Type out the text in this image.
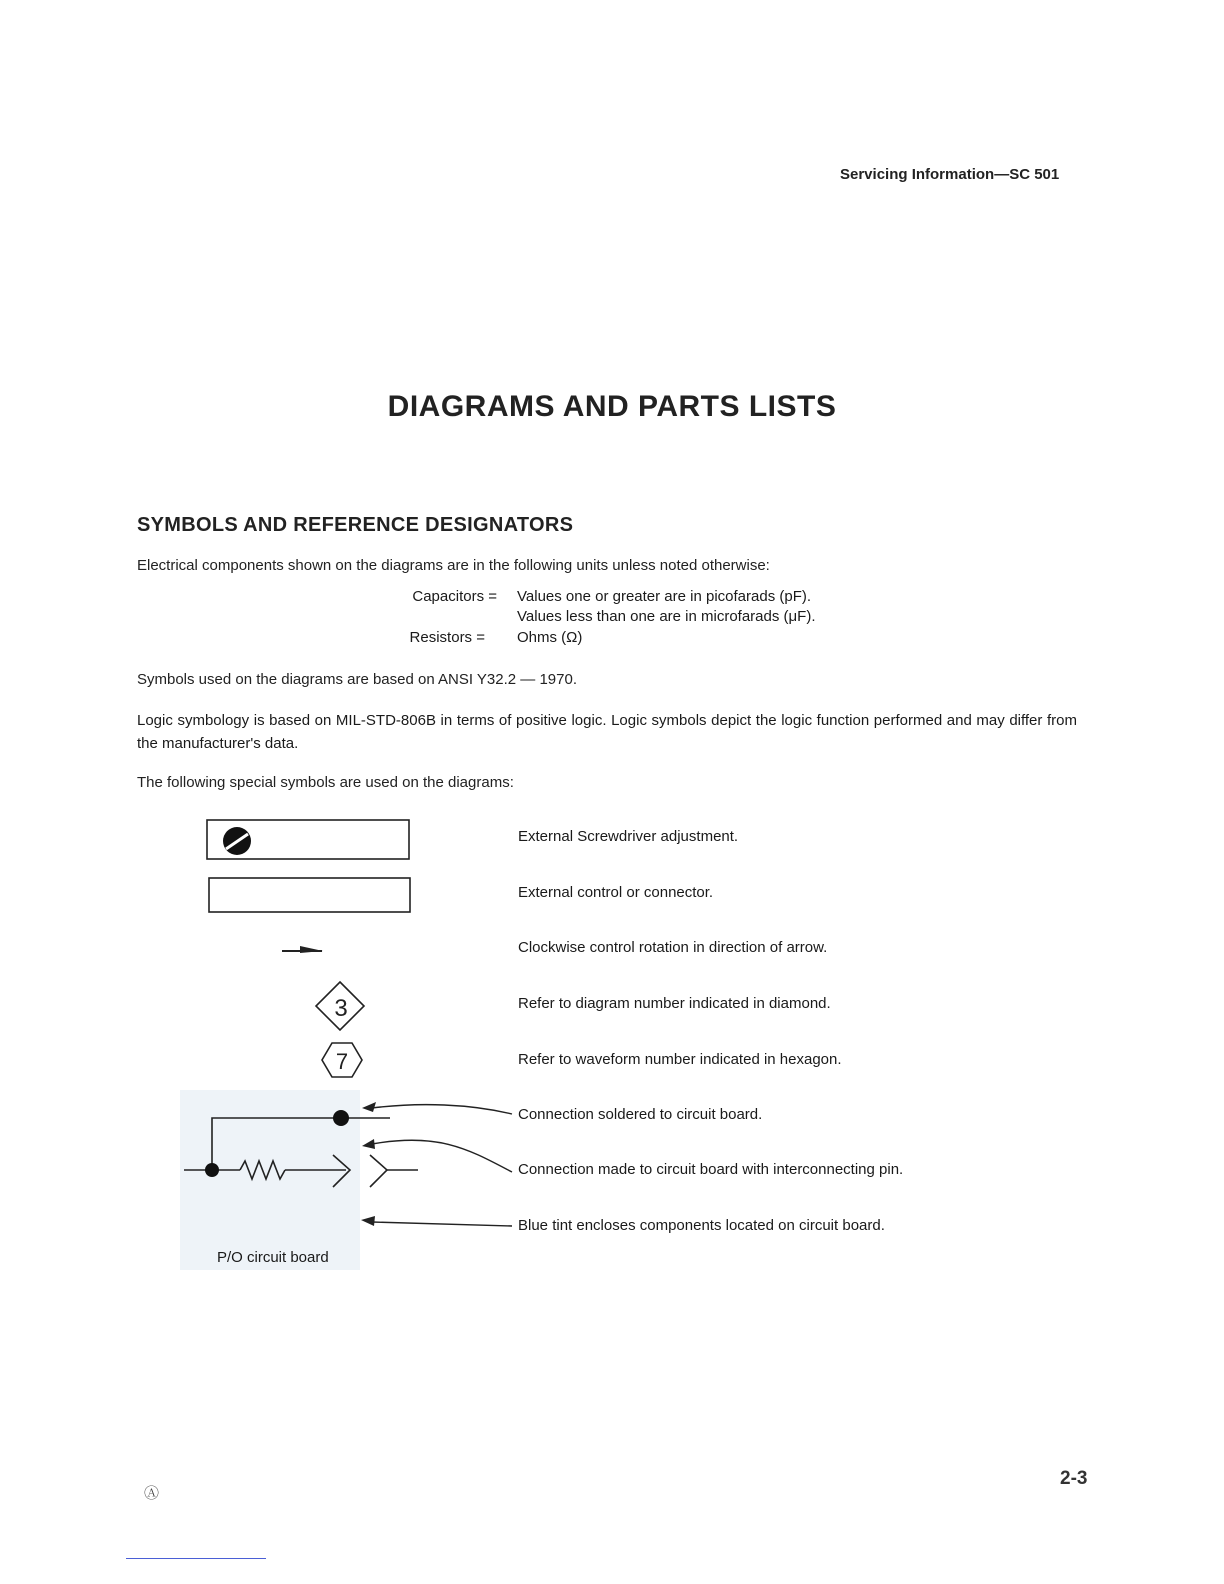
Servicing Information—SC 501
DIAGRAMS AND PARTS LISTS
SYMBOLS AND REFERENCE DESIGNATORS
Electrical components shown on the diagrams are in the following units unless noted otherwise:
Capacitors = Values one or greater are in picofarads (pF).
Values less than one are in microfarads (μF).
Resistors = Ohms (Ω)
Symbols used on the diagrams are based on ANSI Y32.2 — 1970.
Logic symbology is based on MIL-STD-806B in terms of positive logic. Logic symbols depict the logic function performed and may differ from the manufacturer's data.
The following special symbols are used on the diagrams:
3
7
External Screwdriver adjustment.
External control or connector.
Clockwise control rotation in direction of arrow.
Refer to diagram number indicated in diamond.
Refer to waveform number indicated in hexagon.
Connection soldered to circuit board.
Connection made to circuit board with interconnecting pin.
Blue tint encloses components located on circuit board.
P/O circuit board
2-3
Ⓐ
